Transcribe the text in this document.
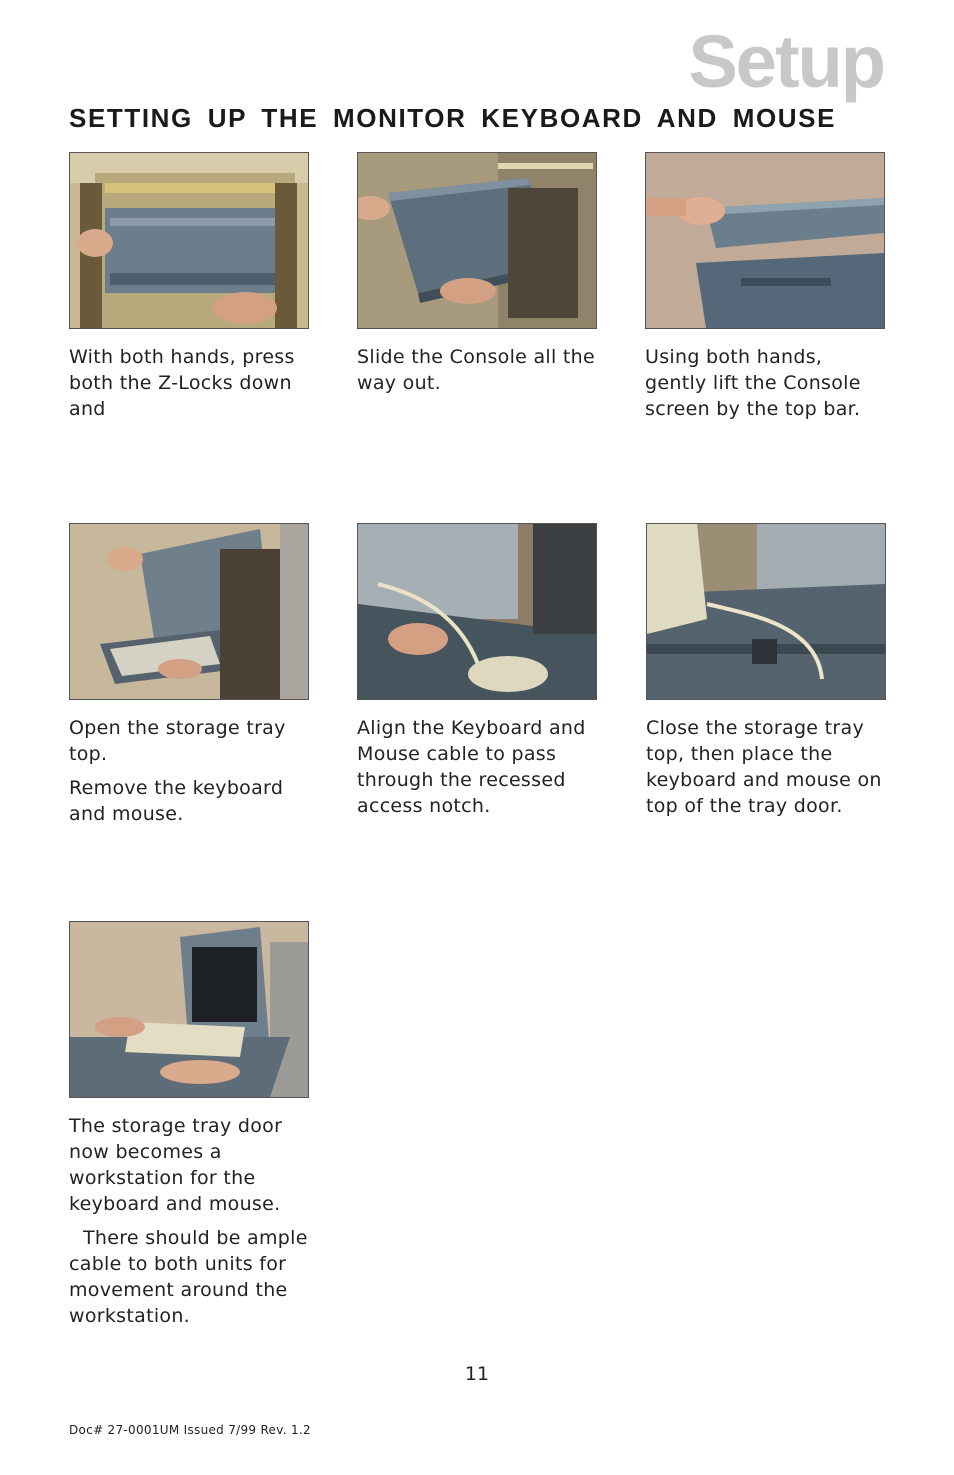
Setup
SETTING UP THE MONITOR KEYBOARD AND MOUSE

With both hands, press both the Z-Locks down and

Slide the Console all the way out.

Using both hands, gently lift the Console screen by the top bar.

Open the storage tray top.

Remove the keyboard and mouse.

Align the Keyboard and Mouse cable to pass through the recessed access notch.

Close the storage tray top, then place the keyboard and mouse on top of the tray door.

The storage tray door now becomes a workstation for the keyboard and mouse.

There should be ample cable to both units for movement around the workstation.

11

Doc# 27-0001UM Issued 7/99 Rev. 1.2
